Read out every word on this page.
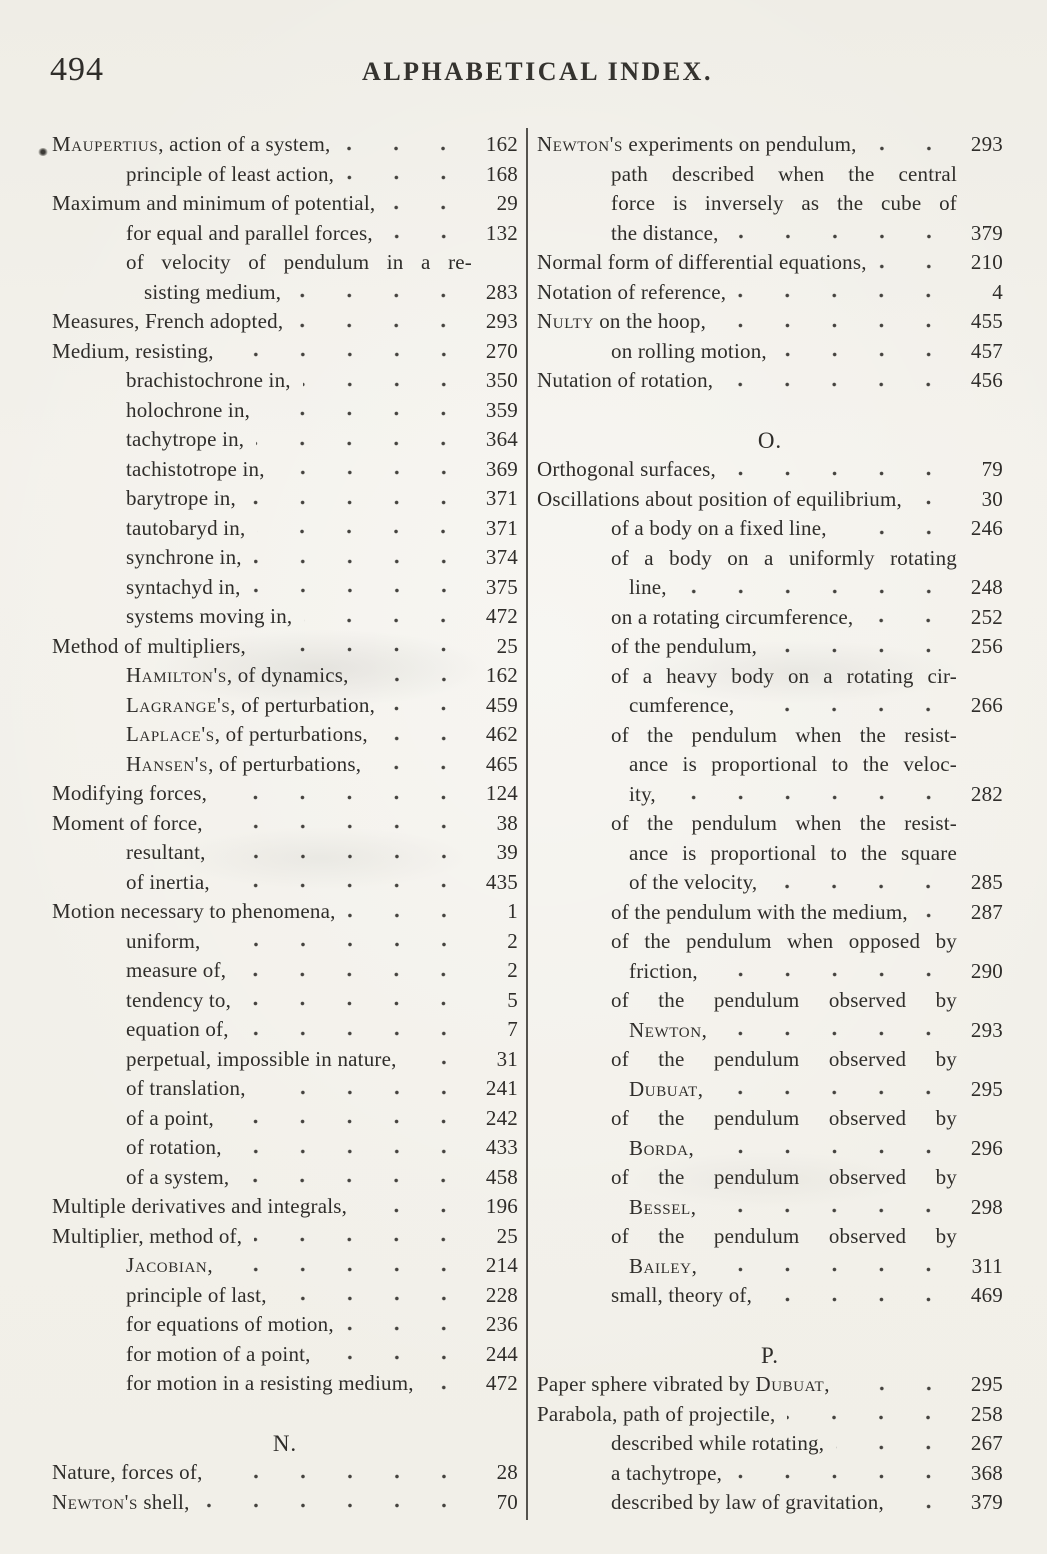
494	ALPHABETICAL INDEX.
Maupertius, action of a system,	162
principle of least action,	168
Maximum and minimum of potential,	29
for equal and parallel forces,	132
of velocity of pendulum in a re-
sisting medium,	283
Measures, French adopted,	293
Medium, resisting,	270
brachistochrone in,	350
holochrone in,	359
tachytrope in,	364
tachistotrope in,	369
barytrope in,	371
tautobaryd in,	371
synchrone in,	374
syntachyd in,	375
systems moving in,	472
Method of multipliers,	25
Hamilton's, of dynamics,	162
Lagrange's, of perturbation,	459
Laplace's, of perturbations,	462
Hansen's, of perturbations,	465
Modifying forces,	124
Moment of force,	38
resultant,	39
of inertia,	435
Motion necessary to phenomena,	1
uniform,	2
measure of,	2
tendency to,	5
equation of,	7
perpetual, impossible in nature,	31
of translation,	241
of a point,	242
of rotation,	433
of a system,	458
Multiple derivatives and integrals,	196
Multiplier, method of,	25
Jacobian,	214
principle of last,	228
for equations of motion,	236
for motion of a point,	244
for motion in a resisting medium,	472
N.
Nature, forces of,	28
Newton's shell,	70
Newton's experiments on pendulum,	293
path described when the central
force is inversely as the cube of
the distance,	379
Normal form of differential equations,	210
Notation of reference,	4
Nulty on the hoop,	455
on rolling motion,	457
Nutation of rotation,	456
O.
Orthogonal surfaces,	79
Oscillations about position of equilibrium,	30
of a body on a fixed line,	246
of a body on a uniformly rotating
line,	248
on a rotating circumference,	252
of the pendulum,	256
of a heavy body on a rotating cir-
cumference,	266
of the pendulum when the resist-
ance is proportional to the veloc-
ity,	282
of the pendulum when the resist-
ance is proportional to the square
of the velocity,	285
of the pendulum with the medium,	287
of the pendulum when opposed by
friction,	290
of the pendulum observed by
Newton,	293
of the pendulum observed by
Dubuat,	295
of the pendulum observed by
Borda,	296
of the pendulum observed by
Bessel,	298
of the pendulum observed by
Bailey,	311
small, theory of,	469
P.
Paper sphere vibrated by Dubuat,	295
Parabola, path of projectile,	258
described while rotating,	267
a tachytrope,	368
described by law of gravitation,	379
